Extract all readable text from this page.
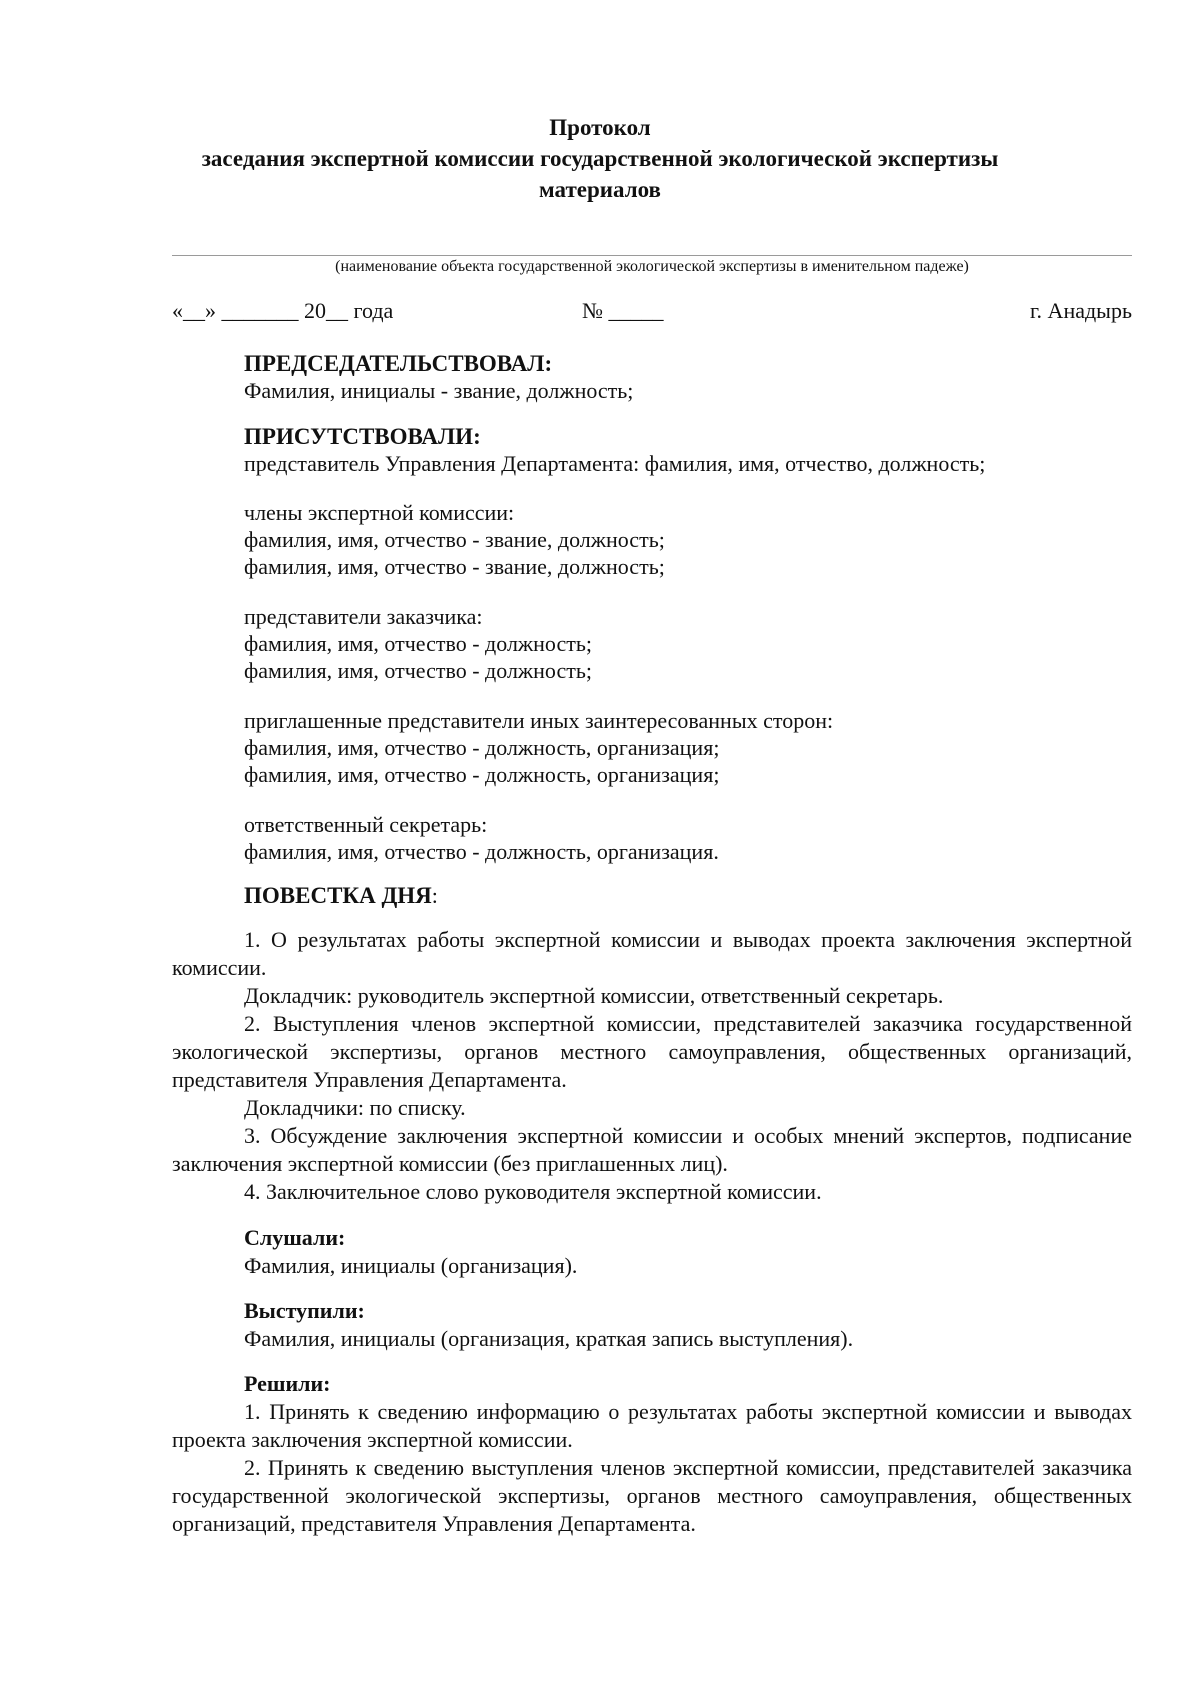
Протокол
заседания экспертной комиссии государственной экологической экспертизы
материалов
(наименование объекта государственной экологической экспертизы в именительном падеже)
«__» _______ 20__ года	№ _____	г. Анадырь
ПРЕДСЕДАТЕЛЬСТВОВАЛ:
Фамилия, инициалы - звание, должность;
ПРИСУТСТВОВАЛИ:
представитель Управления Департамента: фамилия, имя, отчество, должность;
члены экспертной комиссии:
фамилия, имя, отчество - звание, должность;
фамилия, имя, отчество - звание, должность;
представители заказчика:
фамилия, имя, отчество - должность;
фамилия, имя, отчество - должность;
приглашенные представители иных заинтересованных сторон:
фамилия, имя, отчество - должность, организация;
фамилия, имя, отчество - должность, организация;
ответственный секретарь:
фамилия, имя, отчество - должность, организация.
ПОВЕСТКА ДНЯ:

1. О результатах работы экспертной комиссии и выводах проекта заключения экспертной комиссии.

Докладчик: руководитель экспертной комиссии, ответственный секретарь.

2. Выступления членов экспертной комиссии, представителей заказчика государственной экологической экспертизы, органов местного самоуправления, общественных организаций, представителя Управления Департамента.

Докладчики: по списку.

3. Обсуждение заключения экспертной комиссии и особых мнений экспертов, подписание заключения экспертной комиссии (без приглашенных лиц).

4. Заключительное слово руководителя экспертной комиссии.

Слушали:
Фамилия, инициалы (организация).
Выступили:
Фамилия, инициалы (организация, краткая запись выступления).
Решили:

1. Принять к сведению информацию о результатах работы экспертной комиссии и выводах проекта заключения экспертной комиссии.

2. Принять к сведению выступления членов экспертной комиссии, представителей заказчика государственной экологической экспертизы, органов местного самоуправления, общественных организаций, представителя Управления Департамента.
